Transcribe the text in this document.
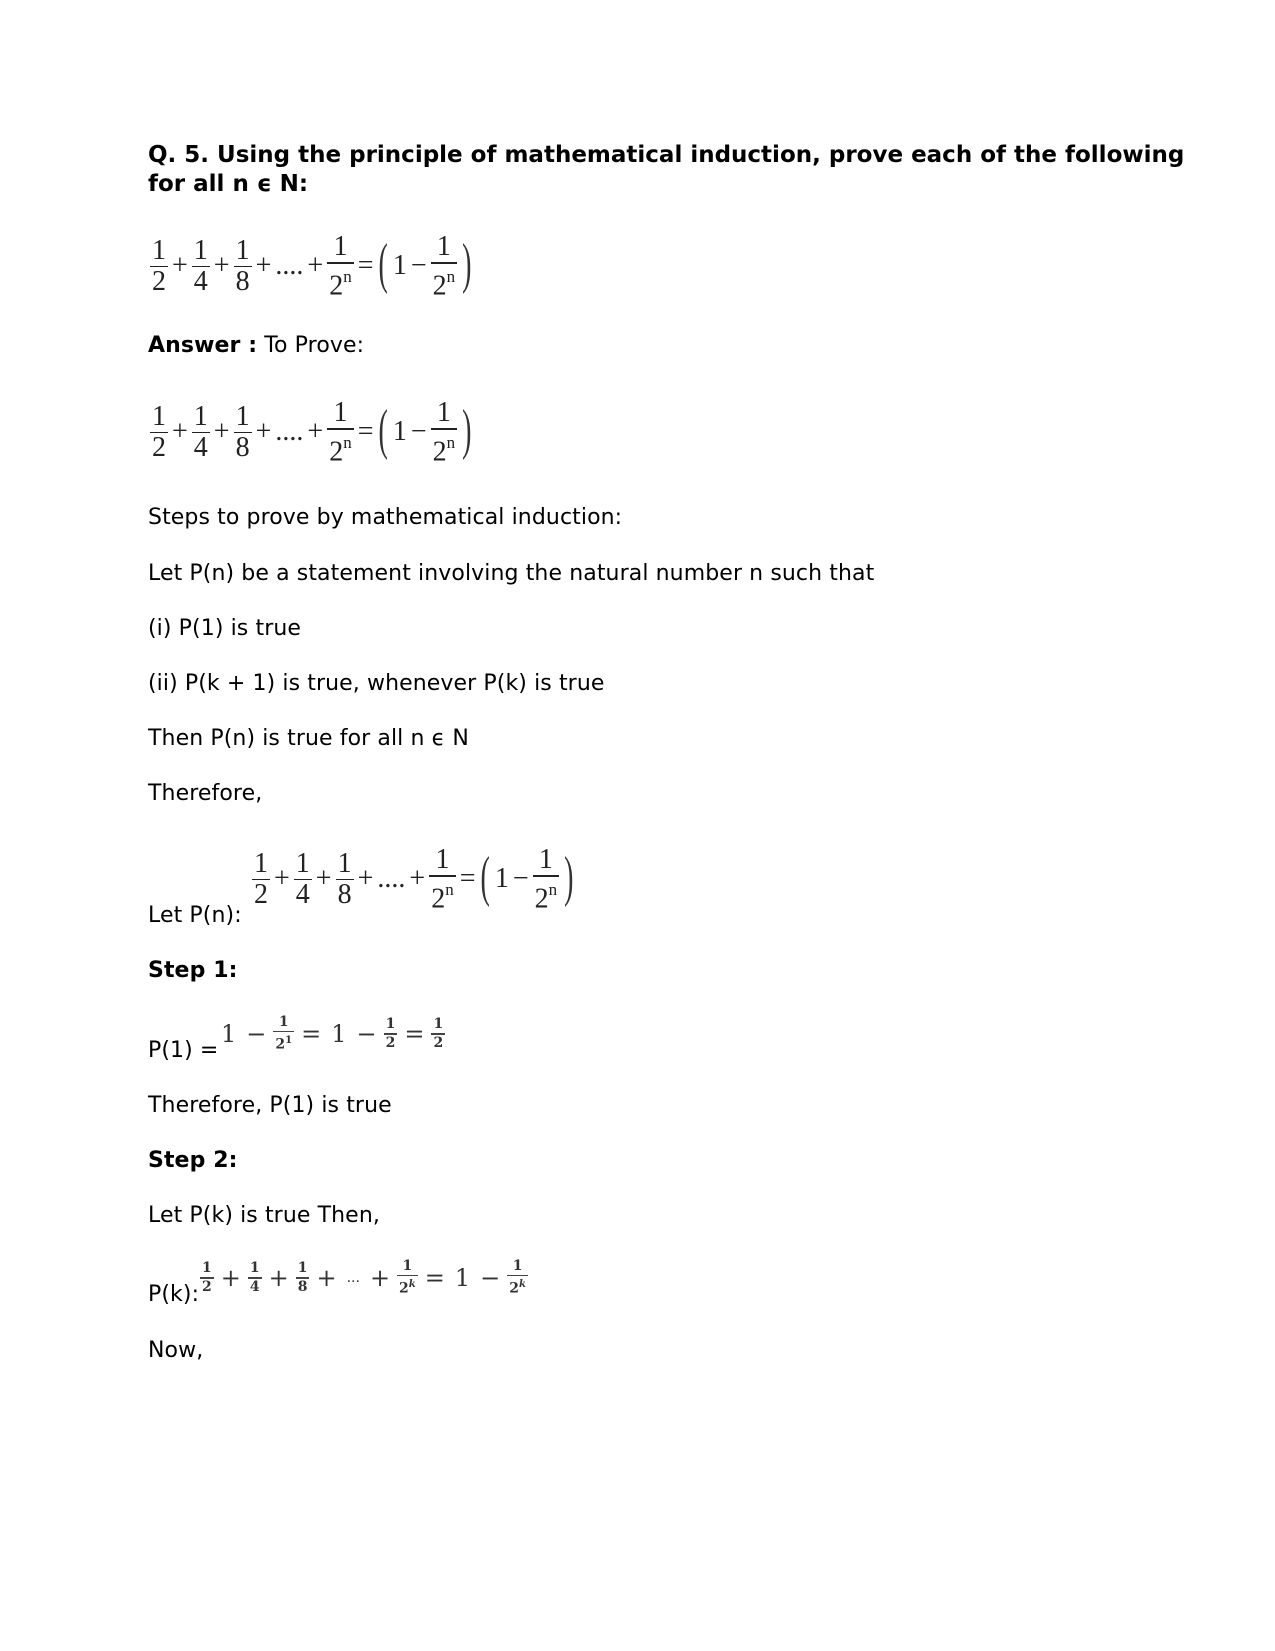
Q. 5. Using the principle of mathematical induction, prove each of the following
for all n ϵ N:
$\frac{1}{2} + \frac{1}{4} + \frac{1}{8}$ + .... + $\frac{1}{2^n}$ = ( $1 - \frac{1}{2^n}$ )
Answer : To Prove:
$\frac{1}{2} + \frac{1}{4} + \frac{1}{8}$ + .... + $\frac{1}{2^n}$ = ( $1 - \frac{1}{2^n}$ )
Steps to prove by mathematical induction:
Let P(n) be a statement involving the natural number n such that
(i) P(1) is true
(ii) P(k + 1) is true, whenever P(k) is true
Then P(n) is true for all n ϵ N
Therefore,
Let P(n):
$\frac{1}{2} + \frac{1}{4} + \frac{1}{8}$ + .... + $\frac{1}{2^n}$ = ( $1 - \frac{1}{2^n}$ )
Step 1:
P(1) =
$1 - \frac{1}{2^1} = 1 - \frac{1}{2} = \frac{1}{2}$
Therefore, P(1) is true
Step 2:
Let P(k) is true Then,
P(k): $\frac{1}{2} + \frac{1}{4} + \frac{1}{8}$ + ... + $\frac{1}{2^k} = 1 - \frac{1}{2^k}$
Now,
